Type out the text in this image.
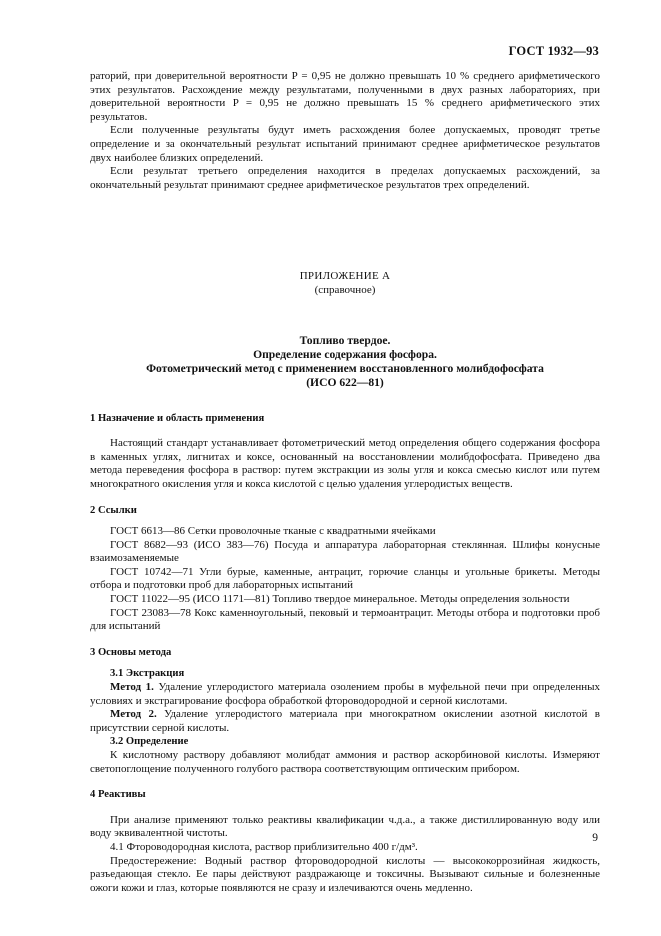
ГОСТ 1932—93

раторий, при доверительной вероятности P = 0,95 не должно превышать 10 % среднего арифметического этих результатов. Расхождение между результатами, полученными в двух разных лабораториях, при доверительной вероятности P = 0,95 не должно превышать 15 % среднего арифметического этих результатов.

Если полученные результаты будут иметь расхождения более допускаемых, проводят третье определение и за окончательный результат испытаний принимают среднее арифметическое результатов двух наиболее близких определений.

Если результат третьего определения находится в пределах допускаемых расхождений, за окончательный результат принимают среднее арифметическое результатов трех определений.

ПРИЛОЖЕНИЕ А

(справочное)

Топливо твердое.
Определение содержания фосфора.
Фотометрический метод с применением восстановленного молибдофосфата
(ИСО 622—81)
1 Назначение и область применения

Настоящий стандарт устанавливает фотометрический метод определения общего содержания фосфора в каменных углях, лигнитах и коксе, основанный на восстановлении молибдофосфата. Приведено два метода переведения фосфора в раствор: путем экстракции из золы угля и кокса смесью кислот или путем многократного окисления угля и кокса кислотой с целью удаления углеродистых веществ.

2 Ссылки

ГОСТ 6613—86 Сетки проволочные тканые с квадратными ячейками

ГОСТ 8682—93 (ИСО 383—76) Посуда и аппаратура лабораторная стеклянная. Шлифы конусные взаимозаменяемые

ГОСТ 10742—71 Угли бурые, каменные, антрацит, горючие сланцы и угольные брикеты. Методы отбора и подготовки проб для лабораторных испытаний

ГОСТ 11022—95 (ИСО 1171—81) Топливо твердое минеральное. Методы определения зольности

ГОСТ 23083—78 Кокс каменноугольный, пековый и термоантрацит. Методы отбора и подготовки проб для испытаний

3 Основы метода

3.1 Экстракция

Метод 1. Удаление углеродистого материала озолением пробы в муфельной печи при определенных условиях и экстрагирование фосфора обработкой фтороводородной и серной кислотами.

Метод 2. Удаление углеродистого материала при многократном окислении азотной кислотой в присутствии серной кислоты.

3.2 Определение

К кислотному раствору добавляют молибдат аммония и раствор аскорбиновой кислоты. Измеряют светопоглощение полученного голубого раствора соответствующим оптическим прибором.

4 Реактивы

При анализе применяют только реактивы квалификации ч.д.а., а также дистиллированную воду или воду эквивалентной чистоты.

4.1 Фтороводородная кислота, раствор приблизительно 400 г/дм³.

Предостережение: Водный раствор фтороводородной кислоты — высококоррозийная жидкость, разъедающая стекло. Ее пары действуют раздражающе и токсичны. Вызывают сильные и болезненные ожоги кожи и глаз, которые появляются не сразу и излечиваются очень медленно.

9
